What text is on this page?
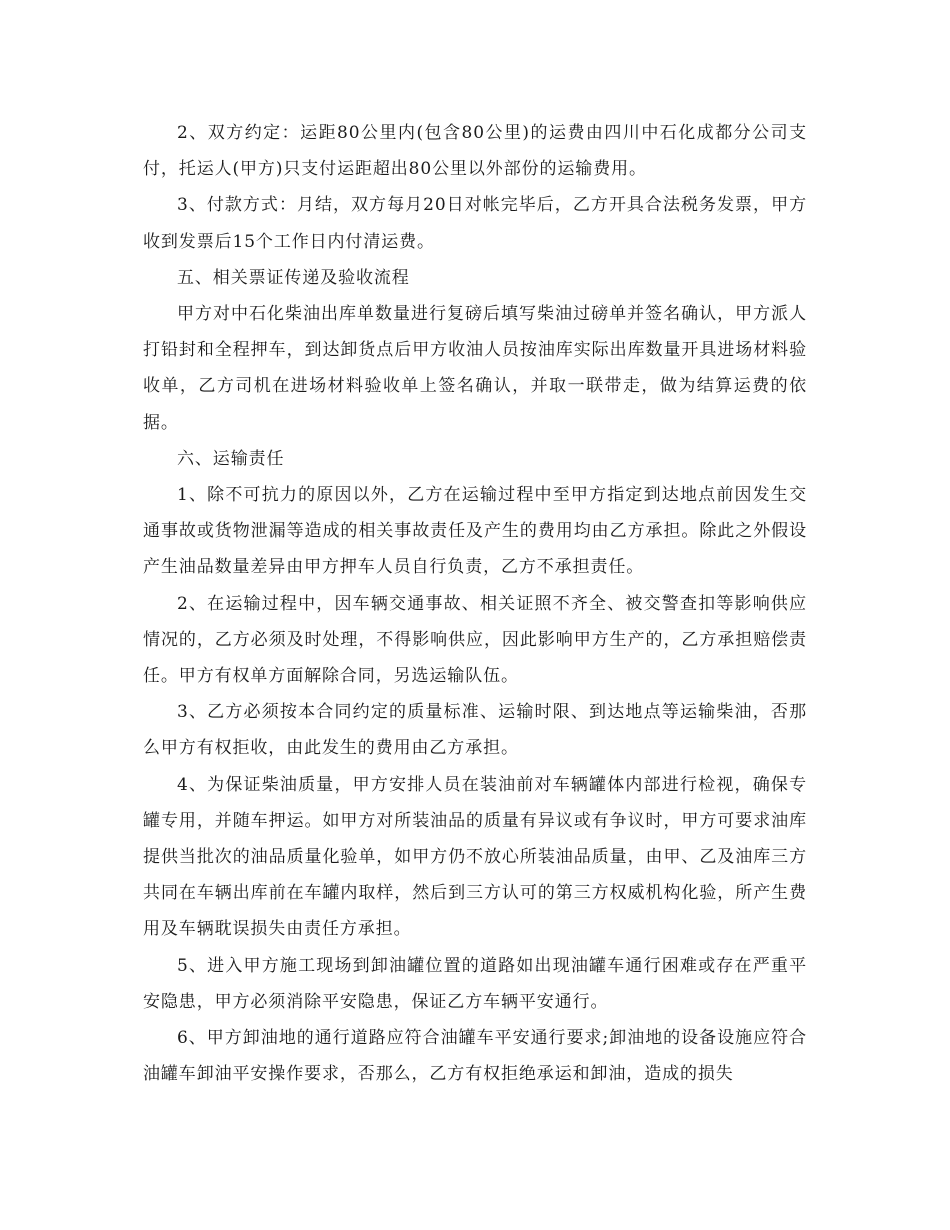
2、双方约定：运距80公里内(包含80公里)的运费由四川中石化成都分公司支付，托运人(甲方)只支付运距超出80公里以外部份的运输费用。

3、付款方式：月结，双方每月20日对帐完毕后，乙方开具合法税务发票，甲方收到发票后15个工作日内付清运费。

五、相关票证传递及验收流程

甲方对中石化柴油出库单数量进行复磅后填写柴油过磅单并签名确认，甲方派人打铅封和全程押车，到达卸货点后甲方收油人员按油库实际出库数量开具进场材料验收单，乙方司机在进场材料验收单上签名确认，并取一联带走，做为结算运费的依据。

六、运输责任

1、除不可抗力的原因以外，乙方在运输过程中至甲方指定到达地点前因发生交通事故或货物泄漏等造成的相关事故责任及产生的费用均由乙方承担。除此之外假设产生油品数量差异由甲方押车人员自行负责，乙方不承担责任。

2、在运输过程中，因车辆交通事故、相关证照不齐全、被交警查扣等影响供应情况的，乙方必须及时处理，不得影响供应，因此影响甲方生产的，乙方承担赔偿责任。甲方有权单方面解除合同，另选运输队伍。

3、乙方必须按本合同约定的质量标准、运输时限、到达地点等运输柴油，否那么甲方有权拒收，由此发生的费用由乙方承担。

4、为保证柴油质量，甲方安排人员在装油前对车辆罐体内部进行检视，确保专罐专用，并随车押运。如甲方对所装油品的质量有异议或有争议时，甲方可要求油库提供当批次的油品质量化验单，如甲方仍不放心所装油品质量，由甲、乙及油库三方共同在车辆出库前在车罐内取样，然后到三方认可的第三方权威机构化验，所产生费用及车辆耽误损失由责任方承担。

5、进入甲方施工现场到卸油罐位置的道路如出现油罐车通行困难或存在严重平安隐患，甲方必须消除平安隐患，保证乙方车辆平安通行。

6、甲方卸油地的通行道路应符合油罐车平安通行要求;卸油地的设备设施应符合油罐车卸油平安操作要求，否那么，乙方有权拒绝承运和卸油，造成的损失
